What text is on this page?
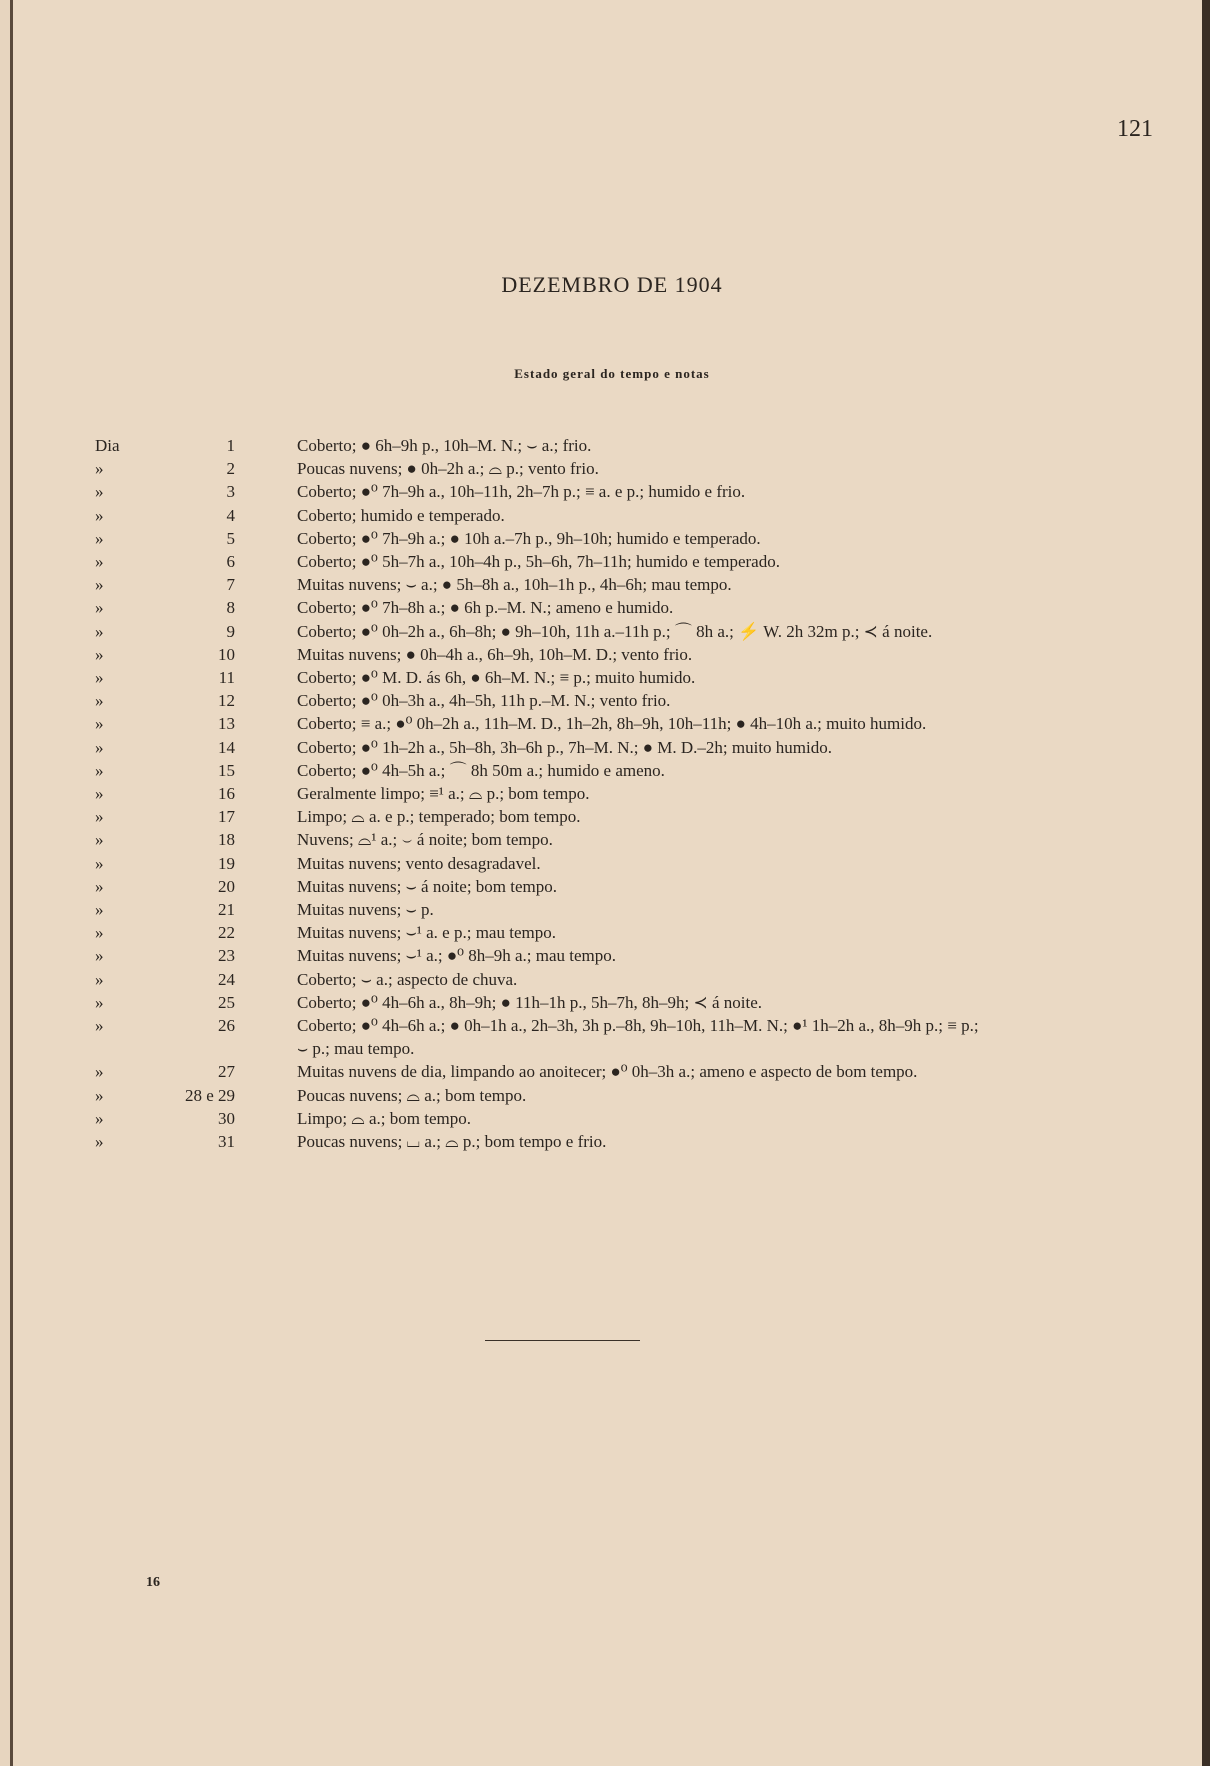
121
DEZEMBRO DE 1904
Estado geral do tempo e notas
Dia	1	Coberto; ● 6h–9h p., 10h–M. N.; ⌣ a.; frio.
»	2	Poucas nuvens; ● 0h–2h a.; ⌓ p.; vento frio.
»	3	Coberto; ●⁰ 7h–9h a., 10h–11h, 2h–7h p.; ≡ a. e p.; humido e frio.
»	4	Coberto; humido e temperado.
»	5	Coberto; ●⁰ 7h–9h a.; ● 10h a.–7h p., 9h–10h; humido e temperado.
»	6	Coberto; ●⁰ 5h–7h a., 10h–4h p., 5h–6h, 7h–11h; humido e temperado.
»	7	Muitas nuvens; ⌣ a.; ● 5h–8h a., 10h–1h p., 4h–6h; mau tempo.
»	8	Coberto; ●⁰ 7h–8h a.; ● 6h p.–M. N.; ameno e humido.
»	9	Coberto; ●⁰ 0h–2h a., 6h–8h; ● 9h–10h, 11h a.–11h p.; ⌒ 8h a.; ⚡ W. 2h 32m p.; ≺ á noite.
»	10	Muitas nuvens; ● 0h–4h a., 6h–9h, 10h–M. D.; vento frio.
»	11	Coberto; ●⁰ M. D. ás 6h, ● 6h–M. N.; ≡ p.; muito humido.
»	12	Coberto; ●⁰ 0h–3h a., 4h–5h, 11h p.–M. N.; vento frio.
»	13	Coberto; ≡ a.; ●⁰ 0h–2h a., 11h–M. D., 1h–2h, 8h–9h, 10h–11h; ● 4h–10h a.; muito humido.
»	14	Coberto; ●⁰ 1h–2h a., 5h–8h, 3h–6h p., 7h–M. N.; ● M. D.–2h; muito humido.
»	15	Coberto; ●⁰ 4h–5h a.; ⌒ 8h 50m a.; humido e ameno.
»	16	Geralmente limpo; ≡¹ a.; ⌓ p.; bom tempo.
»	17	Limpo; ⌓ a. e p.; temperado; bom tempo.
»	18	Nuvens; ⌓¹ a.; ⌣ á noite; bom tempo.
»	19	Muitas nuvens; vento desagradavel.
»	20	Muitas nuvens; ⌣ á noite; bom tempo.
»	21	Muitas nuvens; ⌣ p.
»	22	Muitas nuvens; ⌣¹ a. e p.; mau tempo.
»	23	Muitas nuvens; ⌣¹ a.; ●⁰ 8h–9h a.; mau tempo.
»	24	Coberto; ⌣ a.; aspecto de chuva.
»	25	Coberto; ●⁰ 4h–6h a., 8h–9h; ● 11h–1h p., 5h–7h, 8h–9h; ≺ á noite.
»	26	Coberto; ●⁰ 4h–6h a.; ● 0h–1h a., 2h–3h, 3h p.–8h, 9h–10h, 11h–M. N.; ●¹ 1h–2h a., 8h–9h p.; ≡ p.;
⌣ p.; mau tempo.
»	27	Muitas nuvens de dia, limpando ao anoitecer; ●⁰ 0h–3h a.; ameno e aspecto de bom tempo.
»	28 e 29	Poucas nuvens; ⌓ a.; bom tempo.
»	30	Limpo; ⌓ a.; bom tempo.
»	31	Poucas nuvens; ⌴ a.; ⌓ p.; bom tempo e frio.
16
